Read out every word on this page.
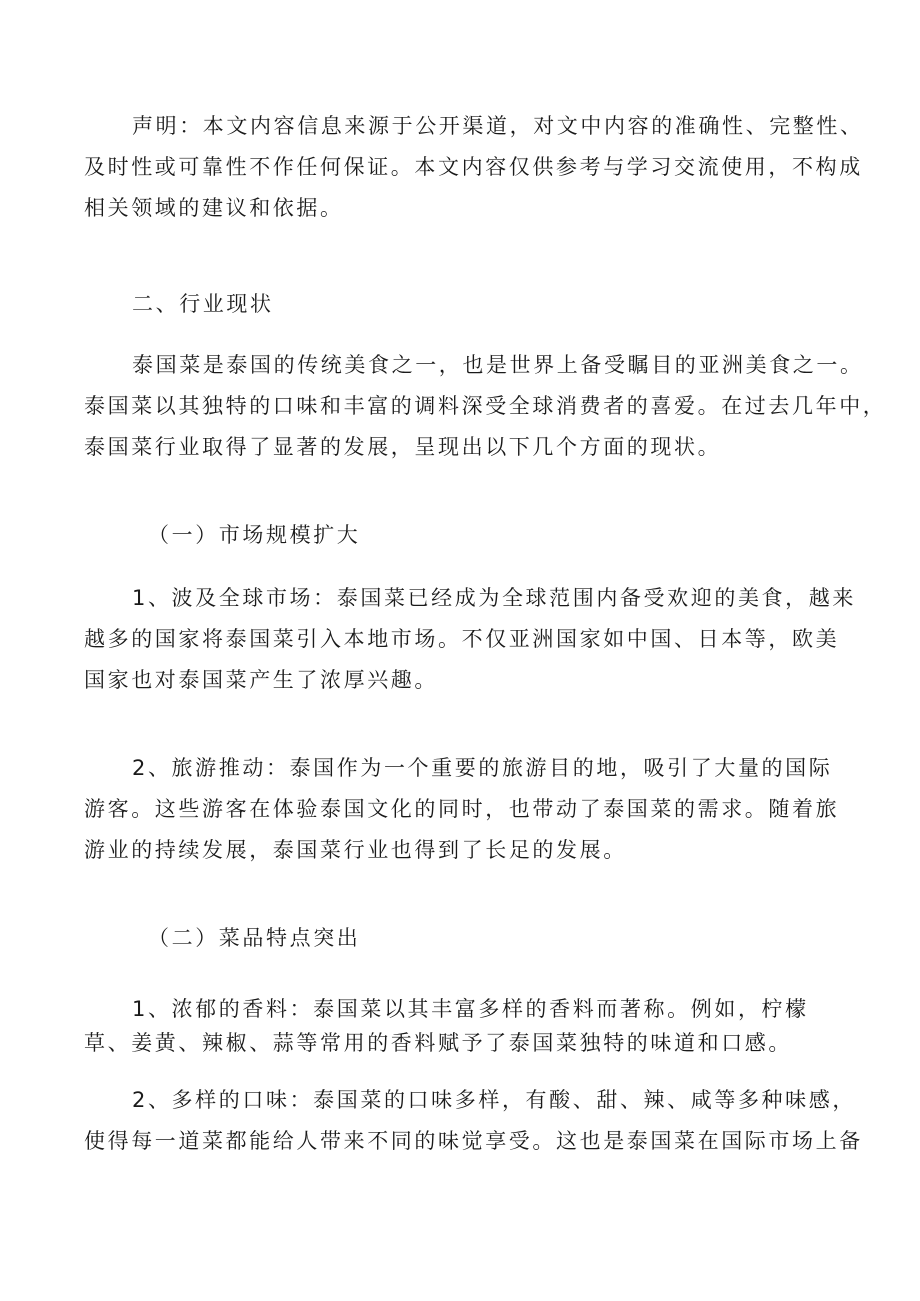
声明：本文内容信息来源于公开渠道，对文中内容的准确性、完整性、
及时性或可靠性不作任何保证。本文内容仅供参考与学习交流使用，不构成
相关领域的建议和依据。
二、行业现状
泰国菜是泰国的传统美食之一，也是世界上备受瞩目的亚洲美食之一。
泰国菜以其独特的口味和丰富的调料深受全球消费者的喜爱。在过去几年中，
泰国菜行业取得了显著的发展，呈现出以下几个方面的现状。
（一）市场规模扩大
1、波及全球市场：泰国菜已经成为全球范围内备受欢迎的美食，越来
越多的国家将泰国菜引入本地市场。不仅亚洲国家如中国、日本等，欧美
国家也对泰国菜产生了浓厚兴趣。
2、旅游推动：泰国作为一个重要的旅游目的地，吸引了大量的国际
游客。这些游客在体验泰国文化的同时，也带动了泰国菜的需求。随着旅
游业的持续发展，泰国菜行业也得到了长足的发展。
（二）菜品特点突出
1、浓郁的香料：泰国菜以其丰富多样的香料而著称。例如，柠檬
草、姜黄、辣椒、蒜等常用的香料赋予了泰国菜独特的味道和口感。
2、多样的口味：泰国菜的口味多样，有酸、甜、辣、咸等多种味感，
使得每一道菜都能给人带来不同的味觉享受。这也是泰国菜在国际市场上备
